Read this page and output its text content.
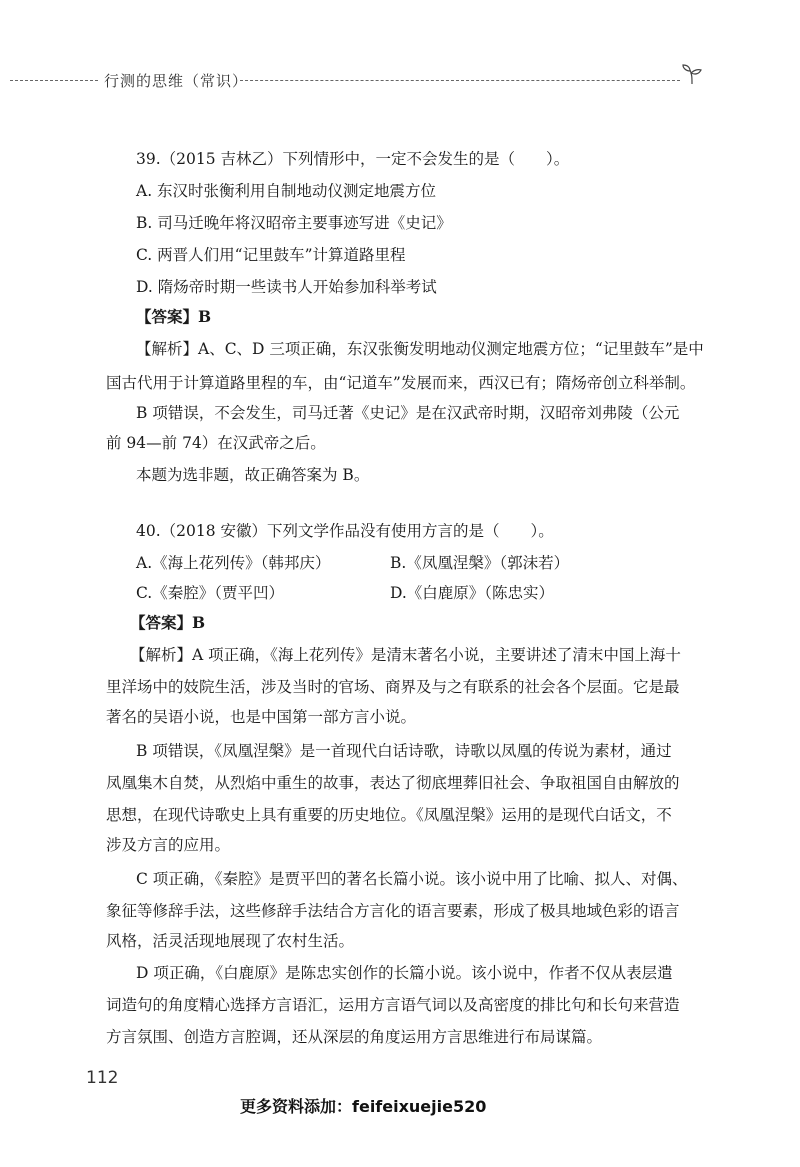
行测的思维（常识）
39.（2015 吉林乙）下列情形中，一定不会发生的是（　　）。
A. 东汉时张衡利用自制地动仪测定地震方位
B. 司马迁晚年将汉昭帝主要事迹写进《史记》
C. 两晋人们用“记里鼓车”计算道路里程
D. 隋炀帝时期一些读书人开始参加科举考试
【答案】B
【解析】A、C、D 三项正确，东汉张衡发明地动仪测定地震方位；“记里鼓车”是中
国古代用于计算道路里程的车，由“记道车”发展而来，西汉已有；隋炀帝创立科举制。
B 项错误，不会发生，司马迁著《史记》是在汉武帝时期，汉昭帝刘弗陵（公元
前 94—前 74）在汉武帝之后。
本题为选非题，故正确答案为 B。
40.（2018 安徽）下列文学作品没有使用方言的是（　　）。
A.《海上花列传》（韩邦庆）	B.《凤凰涅槃》（郭沫若）
C.《秦腔》（贾平凹）	D.《白鹿原》（陈忠实）
【答案】B
【解析】A 项正确，《海上花列传》是清末著名小说，主要讲述了清末中国上海十
里洋场中的妓院生活，涉及当时的官场、商界及与之有联系的社会各个层面。它是最
著名的吴语小说，也是中国第一部方言小说。
B 项错误，《凤凰涅槃》是一首现代白话诗歌，诗歌以凤凰的传说为素材，通过
凤凰集木自焚，从烈焰中重生的故事，表达了彻底埋葬旧社会、争取祖国自由解放的
思想，在现代诗歌史上具有重要的历史地位。《凤凰涅槃》运用的是现代白话文，不
涉及方言的应用。
C 项正确，《秦腔》是贾平凹的著名长篇小说。该小说中用了比喻、拟人、对偶、
象征等修辞手法，这些修辞手法结合方言化的语言要素，形成了极具地域色彩的语言
风格，活灵活现地展现了农村生活。
D 项正确，《白鹿原》是陈忠实创作的长篇小说。该小说中，作者不仅从表层遣
词造句的角度精心选择方言语汇，运用方言语气词以及高密度的排比句和长句来营造
方言氛围、创造方言腔调，还从深层的角度运用方言思维进行布局谋篇。
112
更多资料添加：feifeixuejie520
